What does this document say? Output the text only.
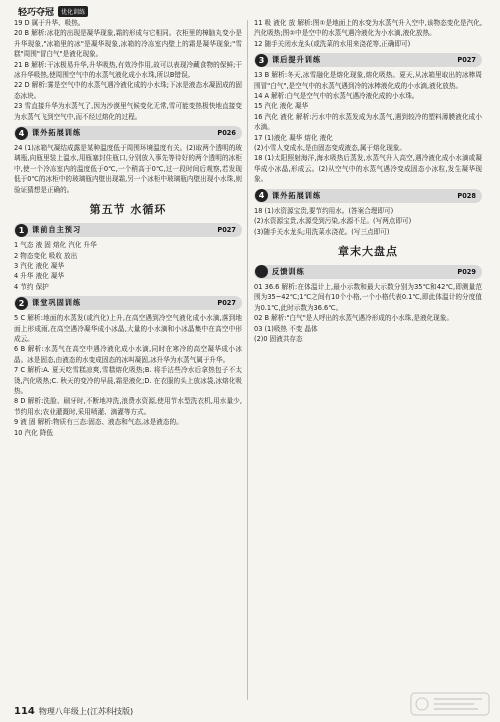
轻巧夺冠	优化训练

19 D 属于升华、吸热。

20 B 解析:冰花的出现是凝华现象,霜的形成与它相同。衣柜里的樟脑丸变小是升华现象,"冰箱里的冰"是凝华现象,冰箱的冷冻室内壁上的霜是凝华现象;"雪糕"周围"冒白气"是液化现象。

21 B 解析:干冰极易升华,升华吸热,有效冷作用,故可以表现冷藏食物的保鲜;干冰升华吸热,使周围空气中的水蒸气液化成小水珠,所以B错误。

22 D 解析:雾是空气中的水蒸气遇冷液化成的小水珠;下冰是液态水凝固成的固态冰块。

23 雪直接升华为水蒸气了,因为沙漠里气候变化无常,雪可能变热极快地直接变为水蒸气飞到空气中,而不经过熔化的过程。

4	课外拓展训练	P026

24 (1)冰箱气凝结成露是某种温度低于周围环境温度有关。(2)取两个透明的玻璃瓶,向瓶里装上温水,用瓶塞封住瓶口,分别放入事先等待好的两个透明的冰柜中,使一个冷冻室内的温度低于0℃,一个稍高于0℃,过一段时间后观察,若发现低于0℃的冰柜中的玻璃瓶内壁出现霜,另一个冰柜中玻璃瓶内壁出现小水珠,则验证猜想是正确的。

第五节 水循环
1	课前自主预习	P027

1 气态 液 固 熔化 汽化 升华

2 物态变化 吸收 放出

3 汽化 液化 凝华

4 升华 液化 凝华

4 节约 保护

2	课堂巩固训练	P027

5 C 解析:地面的水蒸发(或汽化)上升,在高空遇到冷空气液化成小水滴,落到地面上形成雨,在高空遇冷凝华成小冰晶,大量的小水滴和小冰晶集中在高空中形成云。

6 B 解析:水蒸气在高空中遇冷液化成小水滴,同时在寒冷的高空凝华成小冰晶。冰是固态,由液态的水变成固态的冰叫凝固,冰升华为水蒸气属于升华。

7 C 解析:A. 夏天吃雪糕凉爽,雪糕熔化吸热;B. 将手沾些冷水后拿热包子不太烫,汽化吸热;C. 秋天的变冷的早晨,霜是液化;D. 在衣服的头上放冰袋,冰熔化吸热。

8 D 解析:洗脸、刷牙时,不断地冲洗,浪费水资源,使用节水型洗衣机,用水量少,节约用水;农业灌溉时,采用喷灌、滴灌等方式。

9 液 固 解析:物质有三态:固态、液态和气态,冰是液态的。

10 汽化 降低

11 吸 液化 放 解析:图①是地面上的水变为水蒸气升入空中,该物态变化是汽化,汽化吸热;图②中是空中的水蒸气遇冷液化为小水滴,液化放热。

12 随手关闭水龙头(或洗菜的水用来浇花等,正确即可)

3	课后提升训练	P027

13 B 解析:冬天,冰雪融化是熔化现象,熔化吸热。夏天,从冰箱里取出的冰棒周围冒"白气",是空气中的水蒸气遇到冷的冰棒液化成的小水滴,液化放热。

14 A 解析:白气是空气中的水蒸气遇冷液化成的小水珠。

15 汽化 液化 凝华

16 汽化 液化 解析:污水中的水蒸发成为水蒸气,遇到较冷的塑料薄膜液化成小水滴。

17 (1)液化 凝华 熔化 液化

(2)小雪人变成水,是由固态变成液态,属于熔化现象。

18 (1)太阳照射海洋,海水吸热后蒸发,水蒸气升入高空,遇冷液化成小水滴或凝华成小冰晶,形成云。(2)从空气中的水蒸气遇冷变成固态小冰粒,发生凝华现象。

4	课外拓展训练	P028

18 (1)水资源宝贵,要节约用水。(答案合理即可)

(2)水资源宝贵,水源受到污染,水源不足。(写两点即可)

(3)随手关水龙头;用洗菜水浇花。(写三点即可)

章末大盘点
反馈训练	P029

01 36.6 解析:在体温计上,最小示数和最大示数分别为35℃和42℃,即测量范围为35~42℃;1℃之间有10个小格,一个小格代表0.1℃,即此体温计的分度值为0.1℃,此时示数为36.6℃。

02 B 解析:"白气"是人呼出的水蒸气遇冷形成的小水珠,是液化现象。

03 (1)吸热 不变 晶体

(2)0 固液共存态

114 物理八年级上(江苏科技版)
